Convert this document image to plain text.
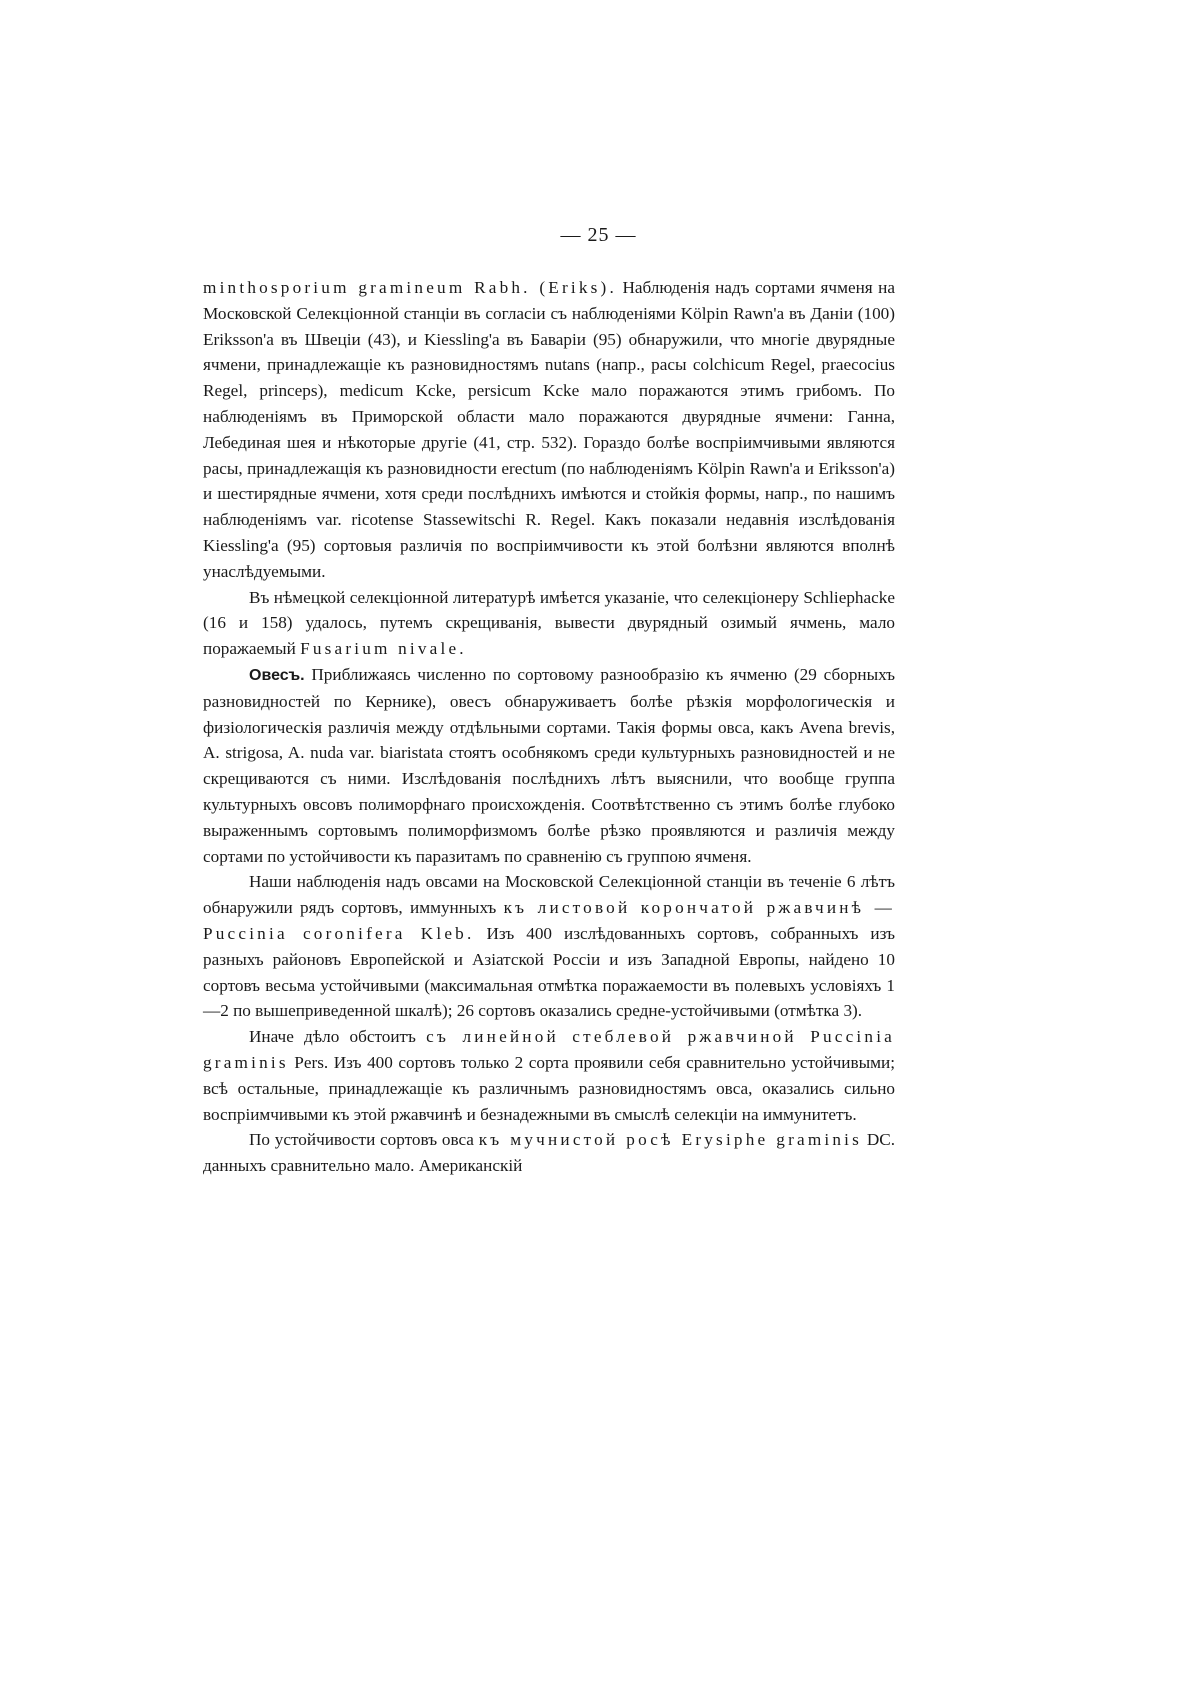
— 25 —

minthosporium gramineum Rabh. (Eriks). Наблюденія надъ сортами ячменя на Московской Селекціонной станціи въ согласіи съ наблюденіями Kölpin Rawn'а въ Даніи (100) Eriksson'а въ Швеціи (43), и Kiessling'а въ Баваріи (95) обнаружили, что многіе двурядные ячмени, принадлежащіе къ разновидностямъ nutans (напр., расы colchicum Regel, praecocius Regel, princeps), medicum Kcke, persicum Kcke мало поражаются этимъ грибомъ. По наблюденіямъ въ Приморской области мало поражаются двурядные ячмени: Ганна, Лебединая шея и нѣкоторые другіе (41, стр. 532). Гораздо болѣе воспріимчивыми являются расы, принадлежащія къ разновидности erectum (по наблюденіямъ Kölpin Rawn'а и Eriksson'а) и шестирядные ячмени, хотя среди послѣднихъ имѣются и стойкія формы, напр., по нашимъ наблюденіямъ var. ricotense Stassewitschi R. Regel. Какъ показали недавнія изслѣдованія Kiessling'а (95) сортовыя различія по воспріимчивости къ этой болѣзни являются вполнѣ унаслѣдуемыми.

Въ нѣмецкой селекціонной литературѣ имѣется указаніе, что селекціонеру Schliephacke (16 и 158) удалось, путемъ скрещиванія, вывести двурядный озимый ячмень, мало поражаемый Fusarium nivale.

Овесъ. Приближаясь численно по сортовому разнообразію къ ячменю (29 сборныхъ разновидностей по Кернике), овесъ обнаруживаетъ болѣе рѣзкія морфологическія и физіологическія различія между отдѣльными сортами. Такія формы овса, какъ Avena brevis, A. strigosa, A. nuda var. biaristata стоятъ особнякомъ среди культурныхъ разновидностей и не скрещиваются съ ними. Изслѣдованія послѣднихъ лѣтъ выяснили, что вообще группа культурныхъ овсовъ полиморфнаго происхожденія. Соотвѣтственно съ этимъ болѣе глубоко выраженнымъ сортовымъ полиморфизмомъ болѣе рѣзко проявляются и различія между сортами по устойчивости къ паразитамъ по сравненію съ группою ячменя.

Наши наблюденія надъ овсами на Московской Селекціонной станціи въ теченіе 6 лѣтъ обнаружили рядъ сортовъ, иммунныхъ къ листовой корончатой ржавчинѣ — Puccinia coronifera Kleb. Изъ 400 изслѣдованныхъ сортовъ, собранныхъ изъ разныхъ районовъ Европейской и Азіатской Россіи и изъ Западной Европы, найдено 10 сортовъ весьма устойчивыми (максимальная отмѣтка поражаемости въ полевыхъ условіяхъ 1—2 по вышеприведенной шкалѣ); 26 сортовъ оказались средне-устойчивыми (отмѣтка 3).

Иначе дѣло обстоитъ съ линейной стеблевой ржавчиной Puccinia graminis Pers. Изъ 400 сортовъ только 2 сорта проявили себя сравнительно устойчивыми; всѣ остальные, принадлежащіе къ различнымъ разновидностямъ овса, оказались сильно воспріимчивыми къ этой ржавчинѣ и безнадежными въ смыслѣ селекціи на иммунитетъ.

По устойчивости сортовъ овса къ мучнистой росѣ Erysiphe graminis DC. данныхъ сравнительно мало. Американскій
